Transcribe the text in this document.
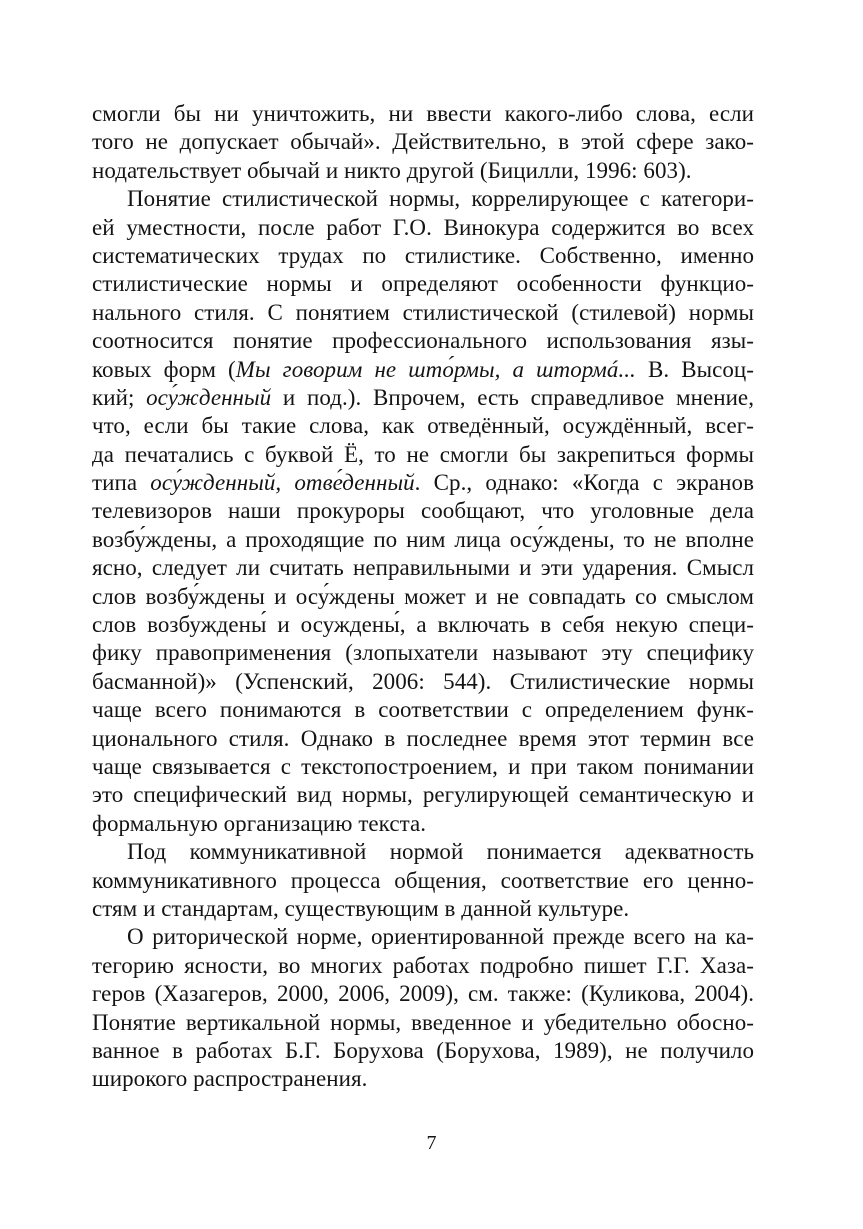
смогли бы ни уничтожить, ни ввести какого-либо слова, если
того не допускает обычай». Действительно, в этой сфере зако-
нодательствует обычай и никто другой (Бицилли, 1996: 603).
Понятие стилистической нормы, коррелирующее с категори-
ей уместности, после работ Г.О. Винокура содержится во всех
систематических трудах по стилистике. Собственно, именно
стилистические нормы и определяют особенности функцио-
нального стиля. С понятием стилистической (стилевой) нормы
соотносится понятие профессионального использования язы-
ковых форм (Мы говорим не што́рмы, а штормá... В. Высоц-
кий; осу́жденный и под.). Впрочем, есть справедливое мнение,
что, если бы такие слова, как отведённый, осуждённый, всег-
да печатались с буквой Ё, то не смогли бы закрепиться формы
типа осу́жденный, отве́денный. Ср., однако: «Когда с экранов
телевизоров наши прокуроры сообщают, что уголовные дела
возбу́ждены, а проходящие по ним лица осу́ждены, то не вполне
ясно, следует ли считать неправильными и эти ударения. Смысл
слов возбу́ждены и осу́ждены может и не совпадать со смыслом
слов возбуждены́ и осуждены́, а включать в себя некую специ-
фику правоприменения (злопыхатели называют эту специфику
басманной)» (Успенский, 2006: 544). Стилистические нормы
чаще всего понимаются в соответствии с определением функ-
ционального стиля. Однако в последнее время этот термин все
чаще связывается с текстопостроением, и при таком понимании
это специфический вид нормы, регулирующей семантическую и
формальную организацию текста.
Под коммуникативной нормой понимается адекватность
коммуникативного процесса общения, соответствие его ценно-
стям и стандартам, существующим в данной культуре.
О риторической норме, ориентированной прежде всего на ка-
тегорию ясности, во многих работах подробно пишет Г.Г. Хаза-
геров (Хазагеров, 2000, 2006, 2009), см. также: (Куликова, 2004).
Понятие вертикальной нормы, введенное и убедительно обосно-
ванное в работах Б.Г. Борухова (Борухова, 1989), не получило
широкого распространения.
7
